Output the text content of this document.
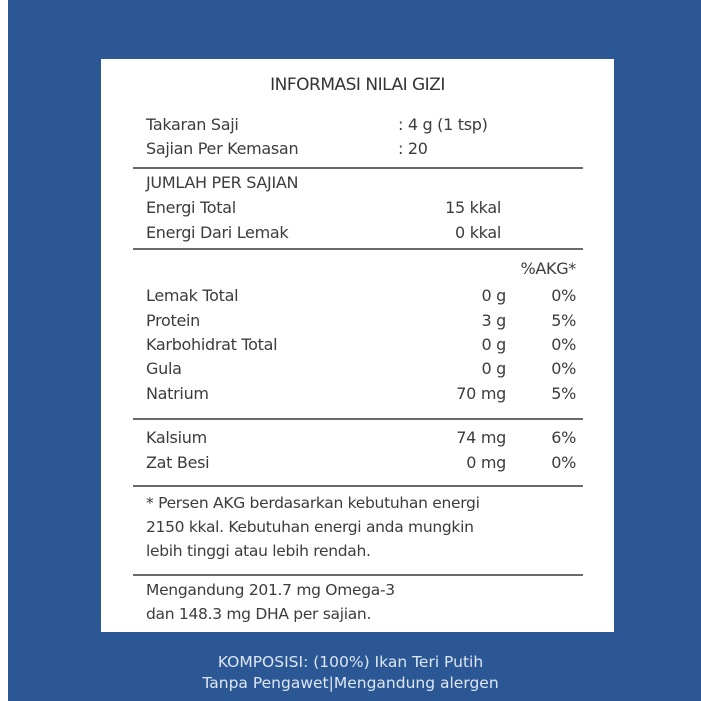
INFORMASI NILAI GIZI
Takaran Saji	: 4 g (1 tsp)
Sajian Per Kemasan	: 20
JUMLAH PER SAJIAN
Energi Total	15 kkal
Energi Dari Lemak	0 kkal
%AKG*
Lemak Total	0 g	0%
Protein	3 g	5%
Karbohidrat Total	0 g	0%
Gula	0 g	0%
Natrium	70 mg	5%
Kalsium	74 mg	6%
Zat Besi	0 mg	0%
* Persen AKG berdasarkan kebutuhan energi
2150 kkal. Kebutuhan energi anda mungkin
lebih tinggi atau lebih rendah.
Mengandung 201.7 mg Omega-3
dan 148.3 mg DHA per sajian.
KOMPOSISI: (100%) Ikan Teri Putih
Tanpa Pengawet|Mengandung alergen
